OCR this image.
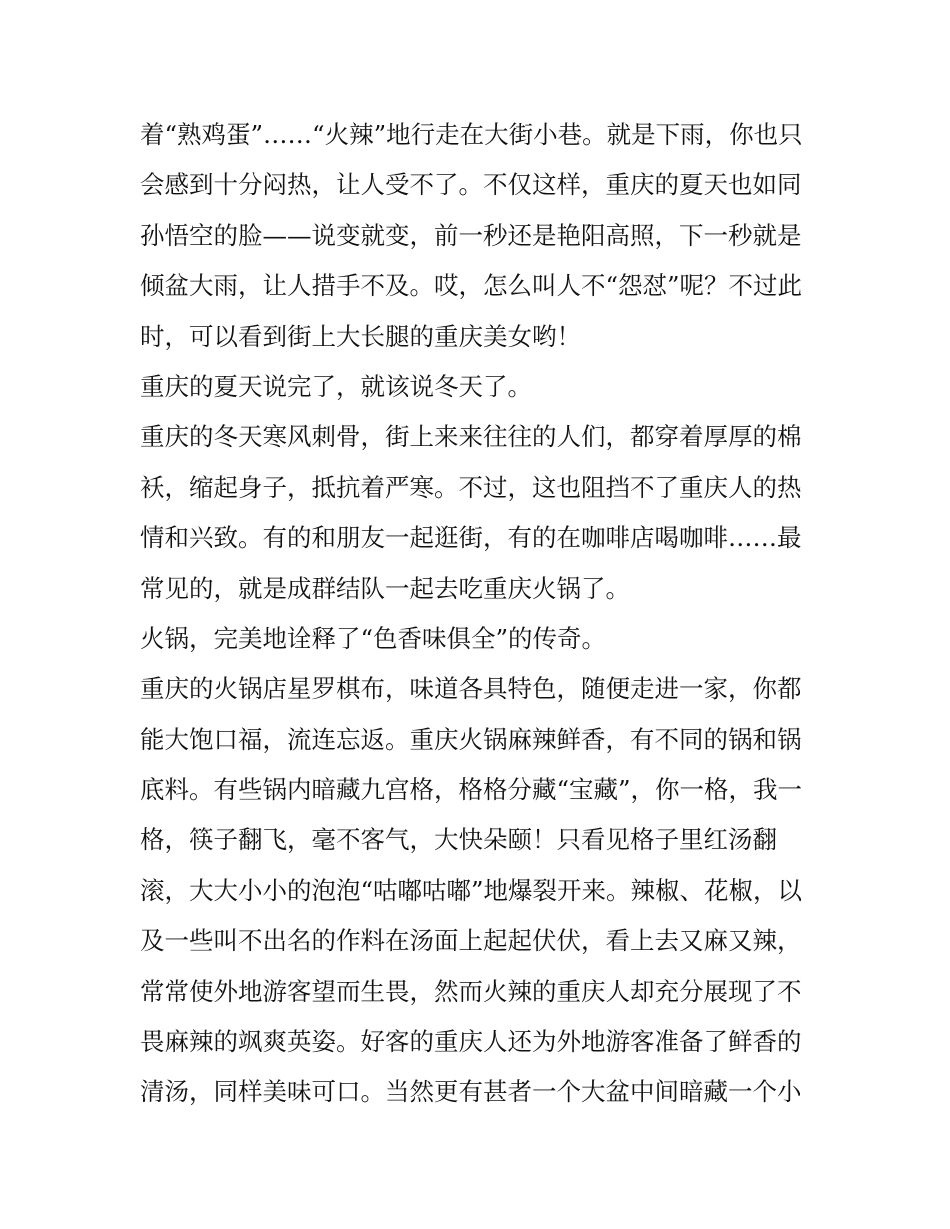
着“熟鸡蛋”……“火辣”地行走在大街小巷。就是下雨，你也只
会感到十分闷热，让人受不了。不仅这样，重庆的夏天也如同
孙悟空的脸——说变就变，前一秒还是艳阳高照，下一秒就是
倾盆大雨，让人措手不及。哎，怎么叫人不“怨怼”呢？不过此
时，可以看到街上大长腿的重庆美女哟！
重庆的夏天说完了，就该说冬天了。
重庆的冬天寒风刺骨，街上来来往往的人们，都穿着厚厚的棉
袄，缩起身子，抵抗着严寒。不过，这也阻挡不了重庆人的热
情和兴致。有的和朋友一起逛街，有的在咖啡店喝咖啡……最
常见的，就是成群结队一起去吃重庆火锅了。
火锅，完美地诠释了“色香味俱全”的传奇。
重庆的火锅店星罗棋布，味道各具特色，随便走进一家，你都
能大饱口福，流连忘返。重庆火锅麻辣鲜香，有不同的锅和锅
底料。有些锅内暗藏九宫格，格格分藏“宝藏”，你一格，我一
格，筷子翻飞，毫不客气，大快朵颐！只看见格子里红汤翻
滚，大大小小的泡泡“咕嘟咕嘟”地爆裂开来。辣椒、花椒，以
及一些叫不出名的作料在汤面上起起伏伏，看上去又麻又辣，
常常使外地游客望而生畏，然而火辣的重庆人却充分展现了不
畏麻辣的飒爽英姿。好客的重庆人还为外地游客准备了鲜香的
清汤，同样美味可口。当然更有甚者一个大盆中间暗藏一个小
